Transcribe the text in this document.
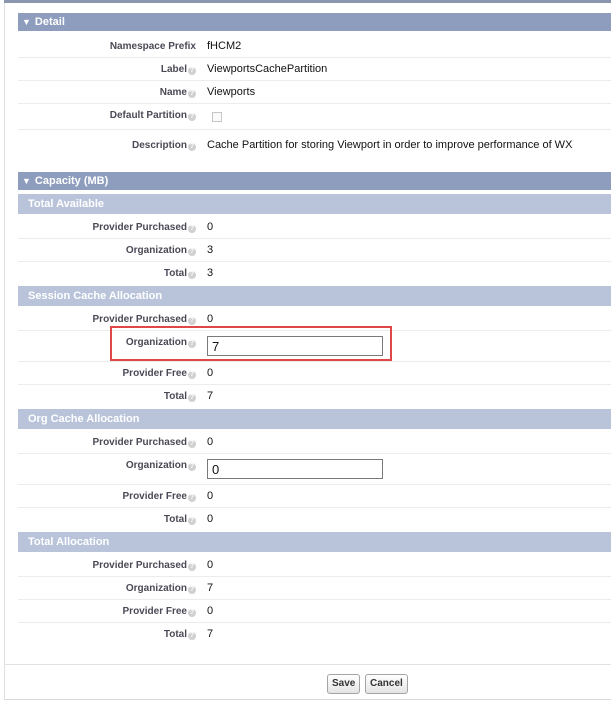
▼ Detail
Namespace Prefix fHCM2
Label ? ViewportsCachePartition
Name ? Viewports
Default Partition ?
Description ? Cache Partition for storing Viewport in order to improve performance of WX
▼ Capacity (MB)
Total Available
Provider Purchased ? 0
Organization ? 3
Total ? 3
Session Cache Allocation
Provider Purchased ? 0
Organization ?
7
Provider Free ? 0
Total ? 7
Org Cache Allocation
Provider Purchased ? 0
Organization ?
0
Provider Free ? 0
Total ? 0
Total Allocation
Provider Purchased ? 0
Organization ? 7
Provider Free ? 0
Total ? 7
Save	Cancel
